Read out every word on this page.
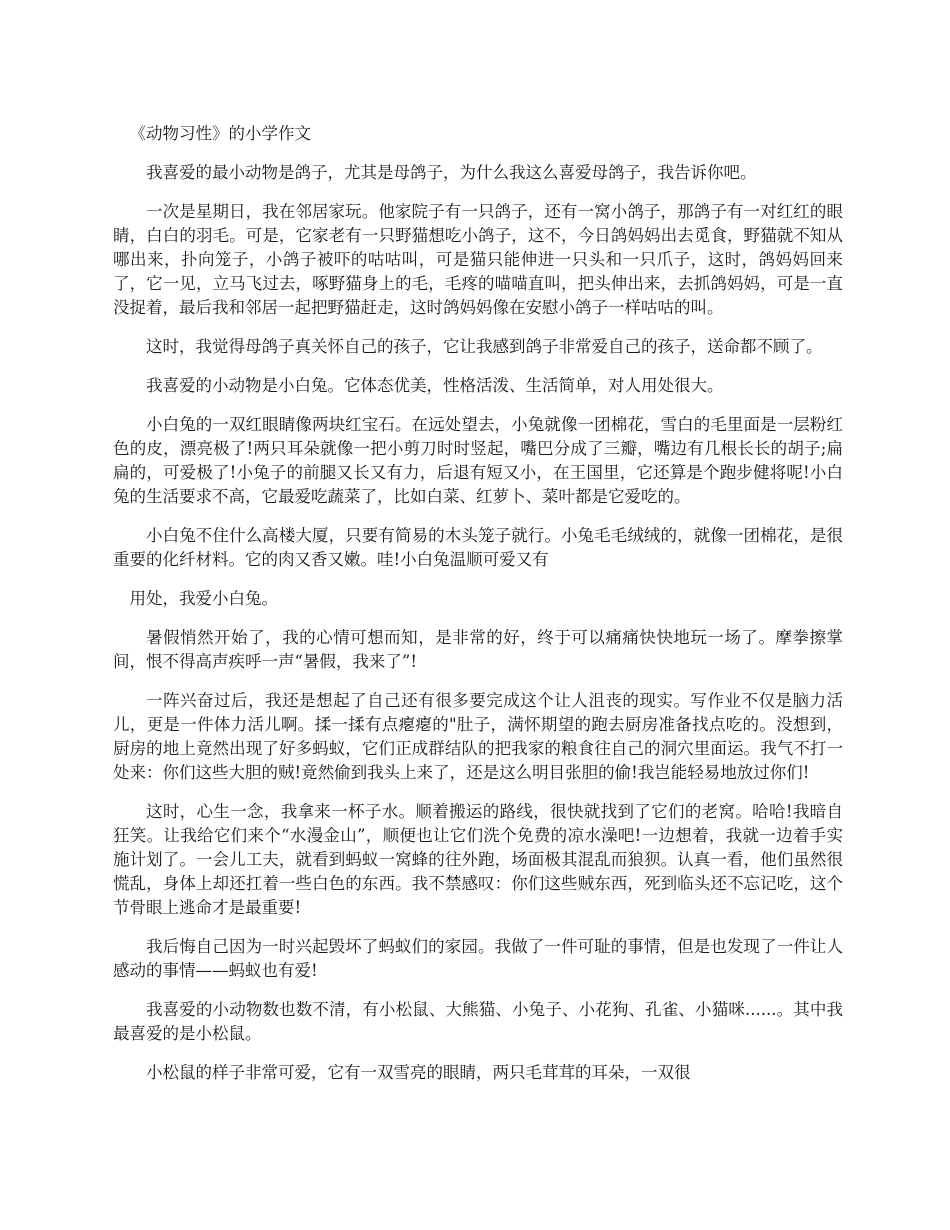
《动物习性》的小学作文

我喜爱的最小动物是鸽子，尤其是母鸽子，为什么我这么喜爱母鸽子，我告诉你吧。

一次是星期日，我在邻居家玩。他家院子有一只鸽子，还有一窝小鸽子，那鸽子有一对红红的眼睛，白白的羽毛。可是，它家老有一只野猫想吃小鸽子，这不，今日鸽妈妈出去觅食，野猫就不知从哪出来，扑向笼子，小鸽子被吓的咕咕叫，可是猫只能伸进一只头和一只爪子，这时，鸽妈妈回来了，它一见，立马飞过去，啄野猫身上的毛，毛疼的喵喵直叫，把头伸出来，去抓鸽妈妈，可是一直没捉着，最后我和邻居一起把野猫赶走，这时鸽妈妈像在安慰小鸽子一样咕咕的叫。

这时，我觉得母鸽子真关怀自己的孩子，它让我感到鸽子非常爱自己的孩子，送命都不顾了。

我喜爱的小动物是小白兔。它体态优美，性格活泼、生活简单，对人用处很大。

小白兔的一双红眼睛像两块红宝石。在远处望去，小兔就像一团棉花，雪白的毛里面是一层粉红色的皮，漂亮极了!两只耳朵就像一把小剪刀时时竖起，嘴巴分成了三瓣，嘴边有几根长长的胡子;扁扁的，可爱极了!小兔子的前腿又长又有力，后退有短又小，在王国里，它还算是个跑步健将呢!小白兔的生活要求不高，它最爱吃蔬菜了，比如白菜、红萝卜、菜叶都是它爱吃的。

小白兔不住什么高楼大厦，只要有简易的木头笼子就行。小兔毛毛绒绒的，就像一团棉花，是很重要的化纤材料。它的肉又香又嫩。哇!小白兔温顺可爱又有

用处，我爱小白兔。

暑假悄然开始了，我的心情可想而知，是非常的好，终于可以痛痛快快地玩一场了。摩拳擦掌间，恨不得高声疾呼一声“暑假，我来了”!

一阵兴奋过后，我还是想起了自己还有很多要完成这个让人沮丧的现实。写作业不仅是脑力活儿，更是一件体力活儿啊。揉一揉有点瘪瘪的"肚子，满怀期望的跑去厨房准备找点吃的。没想到，厨房的地上竟然出现了好多蚂蚁，它们正成群结队的把我家的粮食往自己的洞穴里面运。我气不打一处来：你们这些大胆的贼!竟然偷到我头上来了，还是这么明目张胆的偷!我岂能轻易地放过你们!

这时，心生一念，我拿来一杯子水。顺着搬运的路线，很快就找到了它们的老窝。哈哈!我暗自狂笑。让我给它们来个“水漫金山”，顺便也让它们洗个免费的凉水澡吧!一边想着，我就一边着手实施计划了。一会儿工夫，就看到蚂蚁一窝蜂的往外跑，场面极其混乱而狼狈。认真一看，他们虽然很慌乱，身体上却还扛着一些白色的东西。我不禁感叹：你们这些贼东西，死到临头还不忘记吃，这个节骨眼上逃命才是最重要!

我后悔自己因为一时兴起毁坏了蚂蚁们的家园。我做了一件可耻的事情，但是也发现了一件让人感动的事情——蚂蚁也有爱!

我喜爱的小动物数也数不清，有小松鼠、大熊猫、小兔子、小花狗、孔雀、小猫咪......。其中我最喜爱的是小松鼠。

小松鼠的样子非常可爱，它有一双雪亮的眼睛，两只毛茸茸的耳朵，一双很
